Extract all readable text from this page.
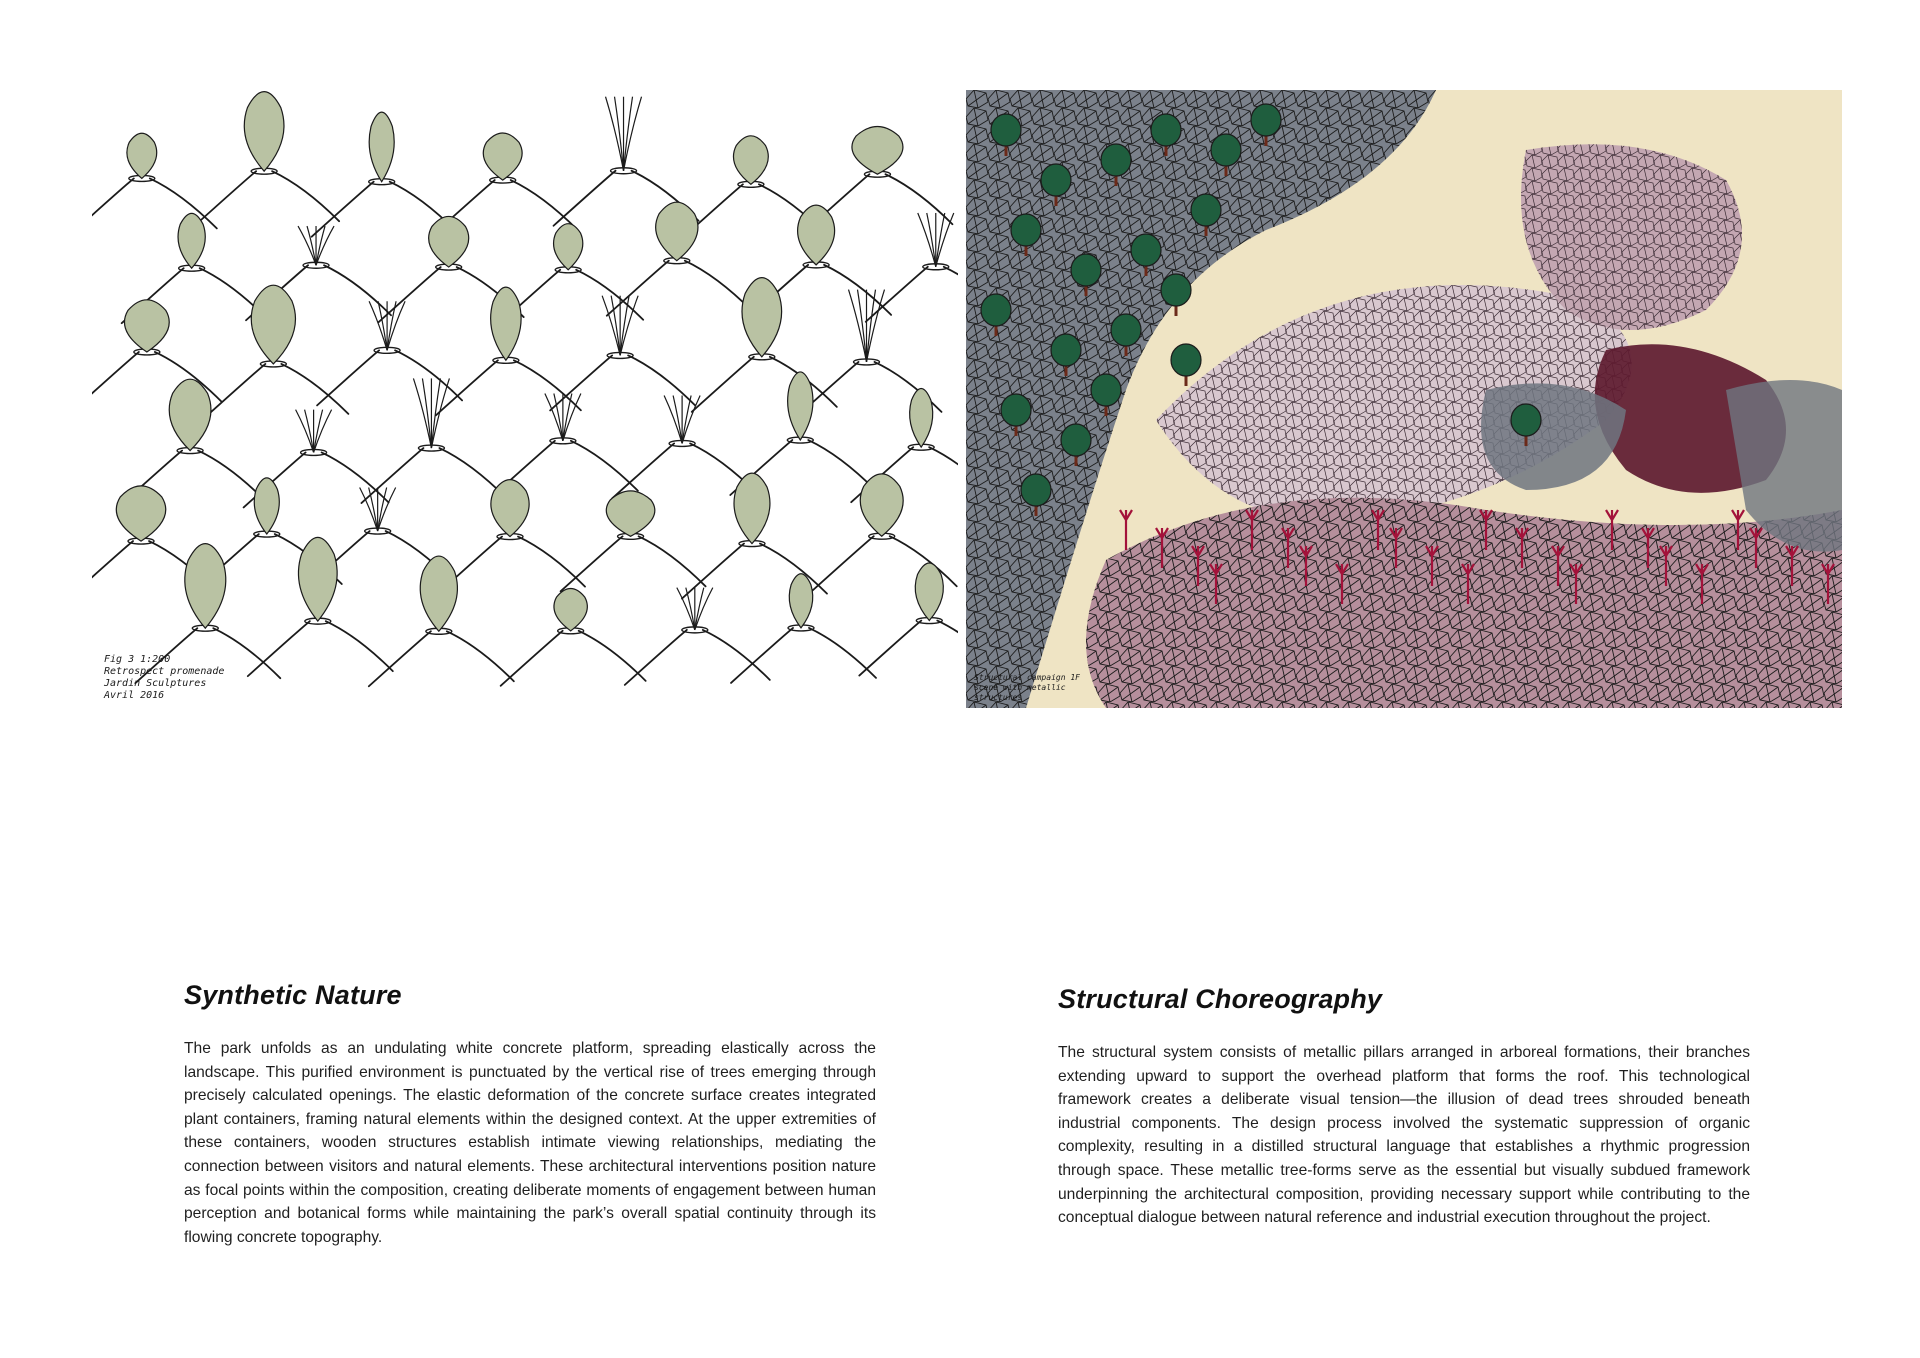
Fig 3 1:200
Retrospect promenade
Jardin Sculptures
Avril 2016
Structural campaign 1F
scene with metallic
structures
Synthetic Nature

The park unfolds as an undulating white concrete platform, spreading elastically across the landscape. This purified environment is punctuated by the vertical rise of trees emerging through precisely calculated openings. The elastic deformation of the concrete surface creates integrated plant containers, framing natural elements within the designed context. At the upper extremities of these containers, wooden structures establish intimate viewing relationships, mediating the connection between visitors and natural elements. These architectural interventions position nature as focal points within the composition, creating deliberate moments of engagement between human perception and botanical forms while maintaining the park’s overall spatial continuity through its flowing concrete topography.

Structural Choreography

The structural system consists of metallic pillars arranged in arboreal formations, their branches extending upward to support the overhead platform that forms the roof. This technological framework creates a deliberate visual tension—the illusion of dead trees shrouded beneath industrial components. The design process involved the systematic suppression of organic complexity, resulting in a distilled structural language that establishes a rhythmic progression through space. These metallic tree-forms serve as the essential but visually subdued framework underpinning the architectural composition, providing necessary support while contributing to the conceptual dialogue between natural reference and industrial execution throughout the project.
